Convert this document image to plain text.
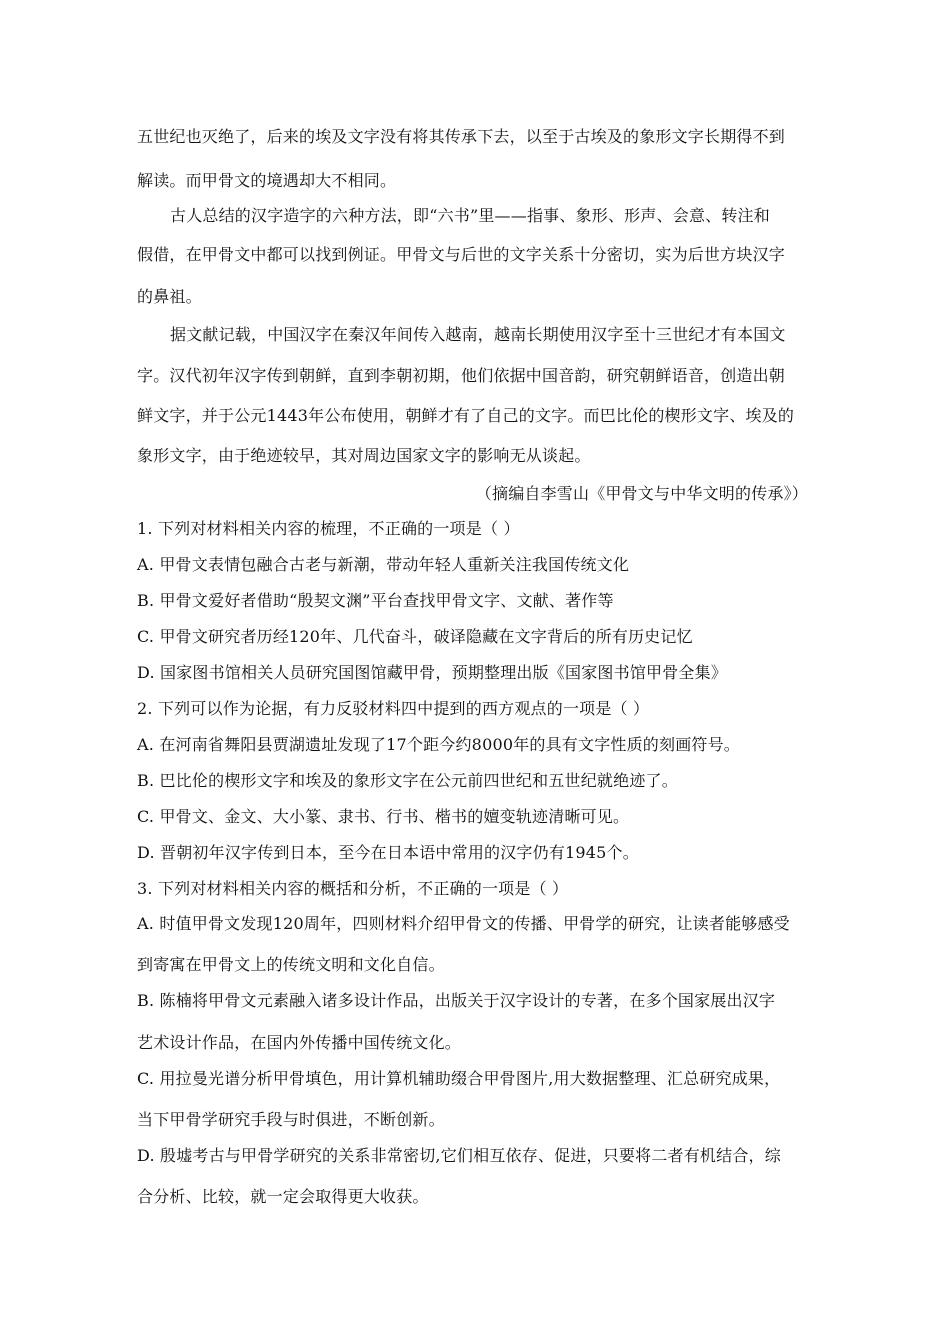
五世纪也灭绝了，后来的埃及文字没有将其传承下去，以至于古埃及的象形文字长期得不到
解读。而甲骨文的境遇却大不相同。
古人总结的汉字造字的六种方法，即“六书”里——指事、象形、形声、会意、转注和
假借，在甲骨文中都可以找到例证。甲骨文与后世的文字关系十分密切，实为后世方块汉字
的鼻祖。
据文献记载，中国汉字在秦汉年间传入越南，越南长期使用汉字至十三世纪才有本国文
字。汉代初年汉字传到朝鲜，直到李朝初期，他们依据中国音韵，研究朝鲜语音，创造出朝
鲜文字，并于公元1443年公布使用，朝鲜才有了自己的文字。而巴比伦的楔形文字、埃及的
象形文字，由于绝迹较早，其对周边国家文字的影响无从谈起。
（摘编自李雪山《甲骨文与中华文明的传承》）
1. 下列对材料相关内容的梳理，不正确的一项是（ ）
A. 甲骨文表情包融合古老与新潮，带动年轻人重新关注我国传统文化
B. 甲骨文爱好者借助“殷契文渊”平台查找甲骨文字、文献、著作等
C. 甲骨文研究者历经120年、几代奋斗，破译隐藏在文字背后的所有历史记忆
D. 国家图书馆相关人员研究国图馆藏甲骨，预期整理出版《国家图书馆甲骨全集》
2. 下列可以作为论据，有力反驳材料四中提到的西方观点的一项是（ ）
A. 在河南省舞阳县贾湖遗址发现了17个距今约8000年的具有文字性质的刻画符号。
B. 巴比伦的楔形文字和埃及的象形文字在公元前四世纪和五世纪就绝迹了。
C. 甲骨文、金文、大小篆、隶书、行书、楷书的嬗变轨迹清晰可见。
D. 晋朝初年汉字传到日本，至今在日本语中常用的汉字仍有1945个。
3. 下列对材料相关内容的概括和分析，不正确的一项是（ ）
A. 时值甲骨文发现120周年，四则材料介绍甲骨文的传播、甲骨学的研究，让读者能够感受
到寄寓在甲骨文上的传统文明和文化自信。
B. 陈楠将甲骨文元素融入诸多设计作品，出版关于汉字设计的专著，在多个国家展出汉字
艺术设计作品，在国内外传播中国传统文化。
C. 用拉曼光谱分析甲骨填色，用计算机辅助缀合甲骨图片,用大数据整理、汇总研究成果，
当下甲骨学研究手段与时俱进，不断创新。
D. 殷墟考古与甲骨学研究的关系非常密切,它们相互依存、促进，只要将二者有机结合，综
合分析、比较，就一定会取得更大收获。
